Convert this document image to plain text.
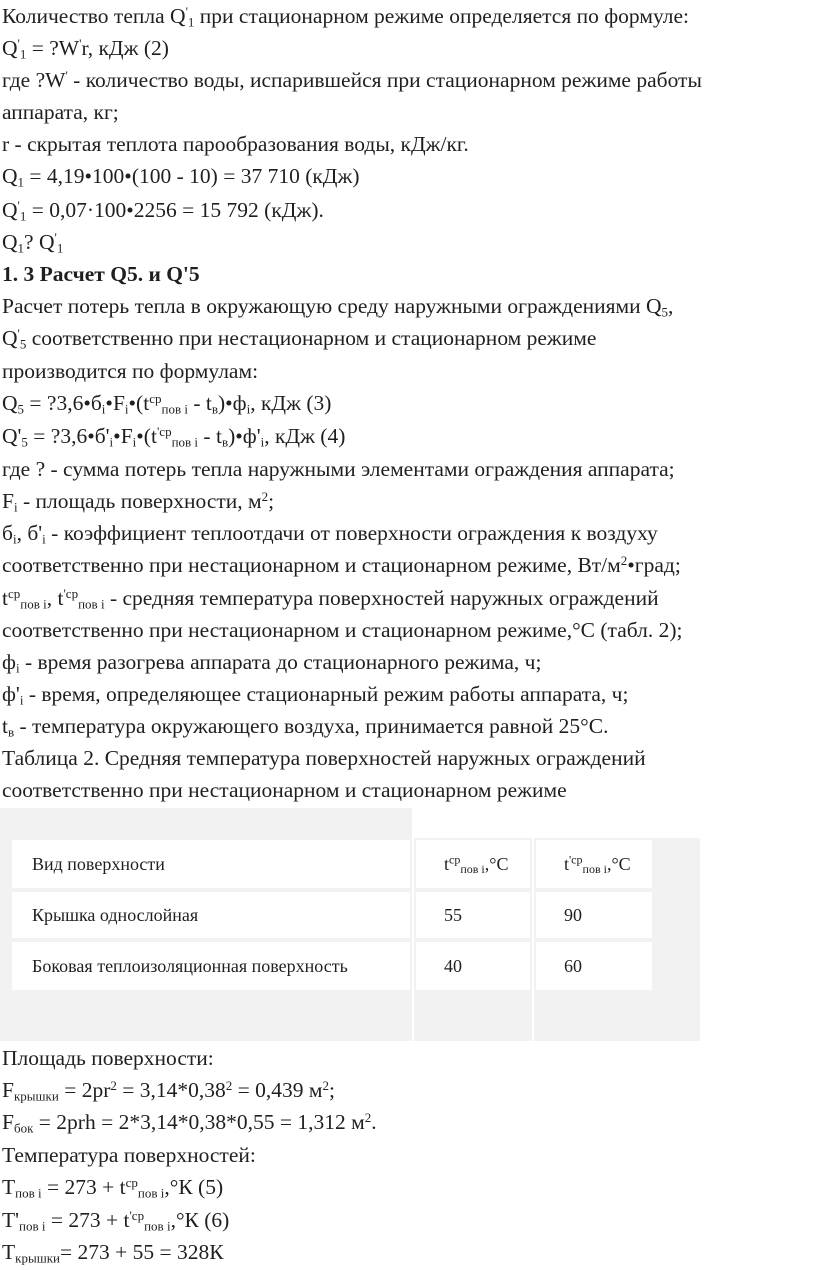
Количество тепла $Q'_1$ при стационарном режиме определяется по формуле:
$Q'_1$ = ?W'r, кДж (2)
где ?W' - количество воды, испарившейся при стационарном режиме работы
аппарата, кг;
r - скрытая теплота парообразования воды, кДж/кг.
$Q_1$ = 4,19•100•(100 - 10) = 37 710 (кДж)
$Q'_1$ = 0,07·100•2256 = 15 792 (кДж).
$Q_1$? $Q'_1$
1. 3 Расчет Q5. и Q'5
Расчет потерь тепла в окружающую среду наружными ограждениями $Q_5$,
$Q'_5$ соответственно при нестационарном и стационарном режиме
производится по формулам:
$Q_5$ = $?3,6•б_i•F_i•(t^{ср}_{пов i}$ - $t_в)•ф_i$, кДж (3)
$Q'_5$ = $?3,6•б'_i•F_i•(t^{'ср}_{пов i}$ - $t_в)•ф'_i$, кДж (4)
где ? - сумма потерь тепла наружными элементами ограждения аппарата;
$F_i$ - площадь поверхности, $м^2$;
$б_i$, $б'_i$ - коэффициент теплоотдачи от поверхности ограждения к воздуху
соответственно при нестационарном и стационарном режиме, $Вт/м^2•град$;
$t^{ср}_{пов i}$, $t^{'ср}_{пов i}$ - средняя температура поверхностей наружных ограждений
соответственно при нестационарном и стационарном режиме,°С (табл. 2);
$ф_i$ - время разогрева аппарата до стационарного режима, ч;
$ф'_i$ - время, определяющее стационарный режим работы аппарата, ч;
$t_в$ - температура окружающего воздуха, принимается равной 25°С.
Таблица 2. Средняя температура поверхностей наружных ограждений
соответственно при нестационарном и стационарном режиме
Вид поверхности	$t^{ср}_{пов i},^\circ С$	$t^{'ср}_{пов i},^\circ С$
Крышка однослойная	55	90
Боковая теплоизоляционная поверхность	40	60
Площадь поверхности:
$F_{крышки} = 2pr^2 = 3,14*0,38^2 = 0,439$ $м^2$;
$F_{бок} = 2prh = 2*3,14*0,38*0,55 = 1,312$ $м^2$.
Температура поверхностей:
$Т_{пов i} = 273 + t^{ср}_{пов i},^\circ К$ (5)
$Т'_{пов i} = 273 + t^{'ср}_{пов i},^\circ К$ (6)
$Т_{крышки}= 273 + 55 = 328К$
